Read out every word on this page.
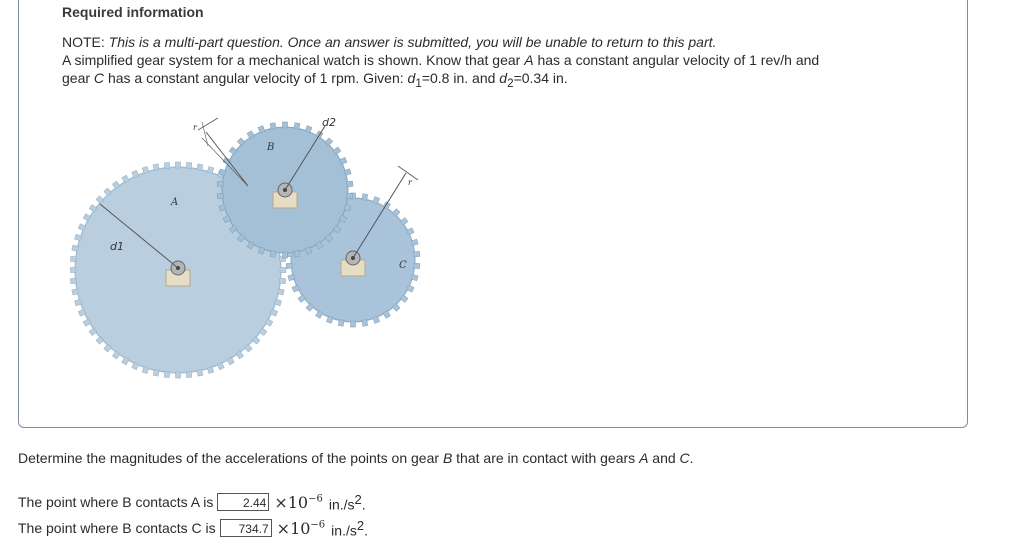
Required information
NOTE: This is a multi-part question. Once an answer is submitted, you will be unable to return to this part.
A simplified gear system for a mechanical watch is shown. Know that gear A has a constant angular velocity of 1 rev/h and
gear C has a constant angular velocity of 1 rpm. Given: $d_1=0.8$ in. and $d_2=0.34$ in.
d1
d2
A
B
C
r
r
Determine the magnitudes of the accelerations of the points on gear B that are in contact with gears A and C.
The point where B contacts A is	$2.44 \times 10^{-6}$ $in./s^2$.
The point where B contacts C is	$734.7 \times 10^{-6}$ $in./s^2$.
